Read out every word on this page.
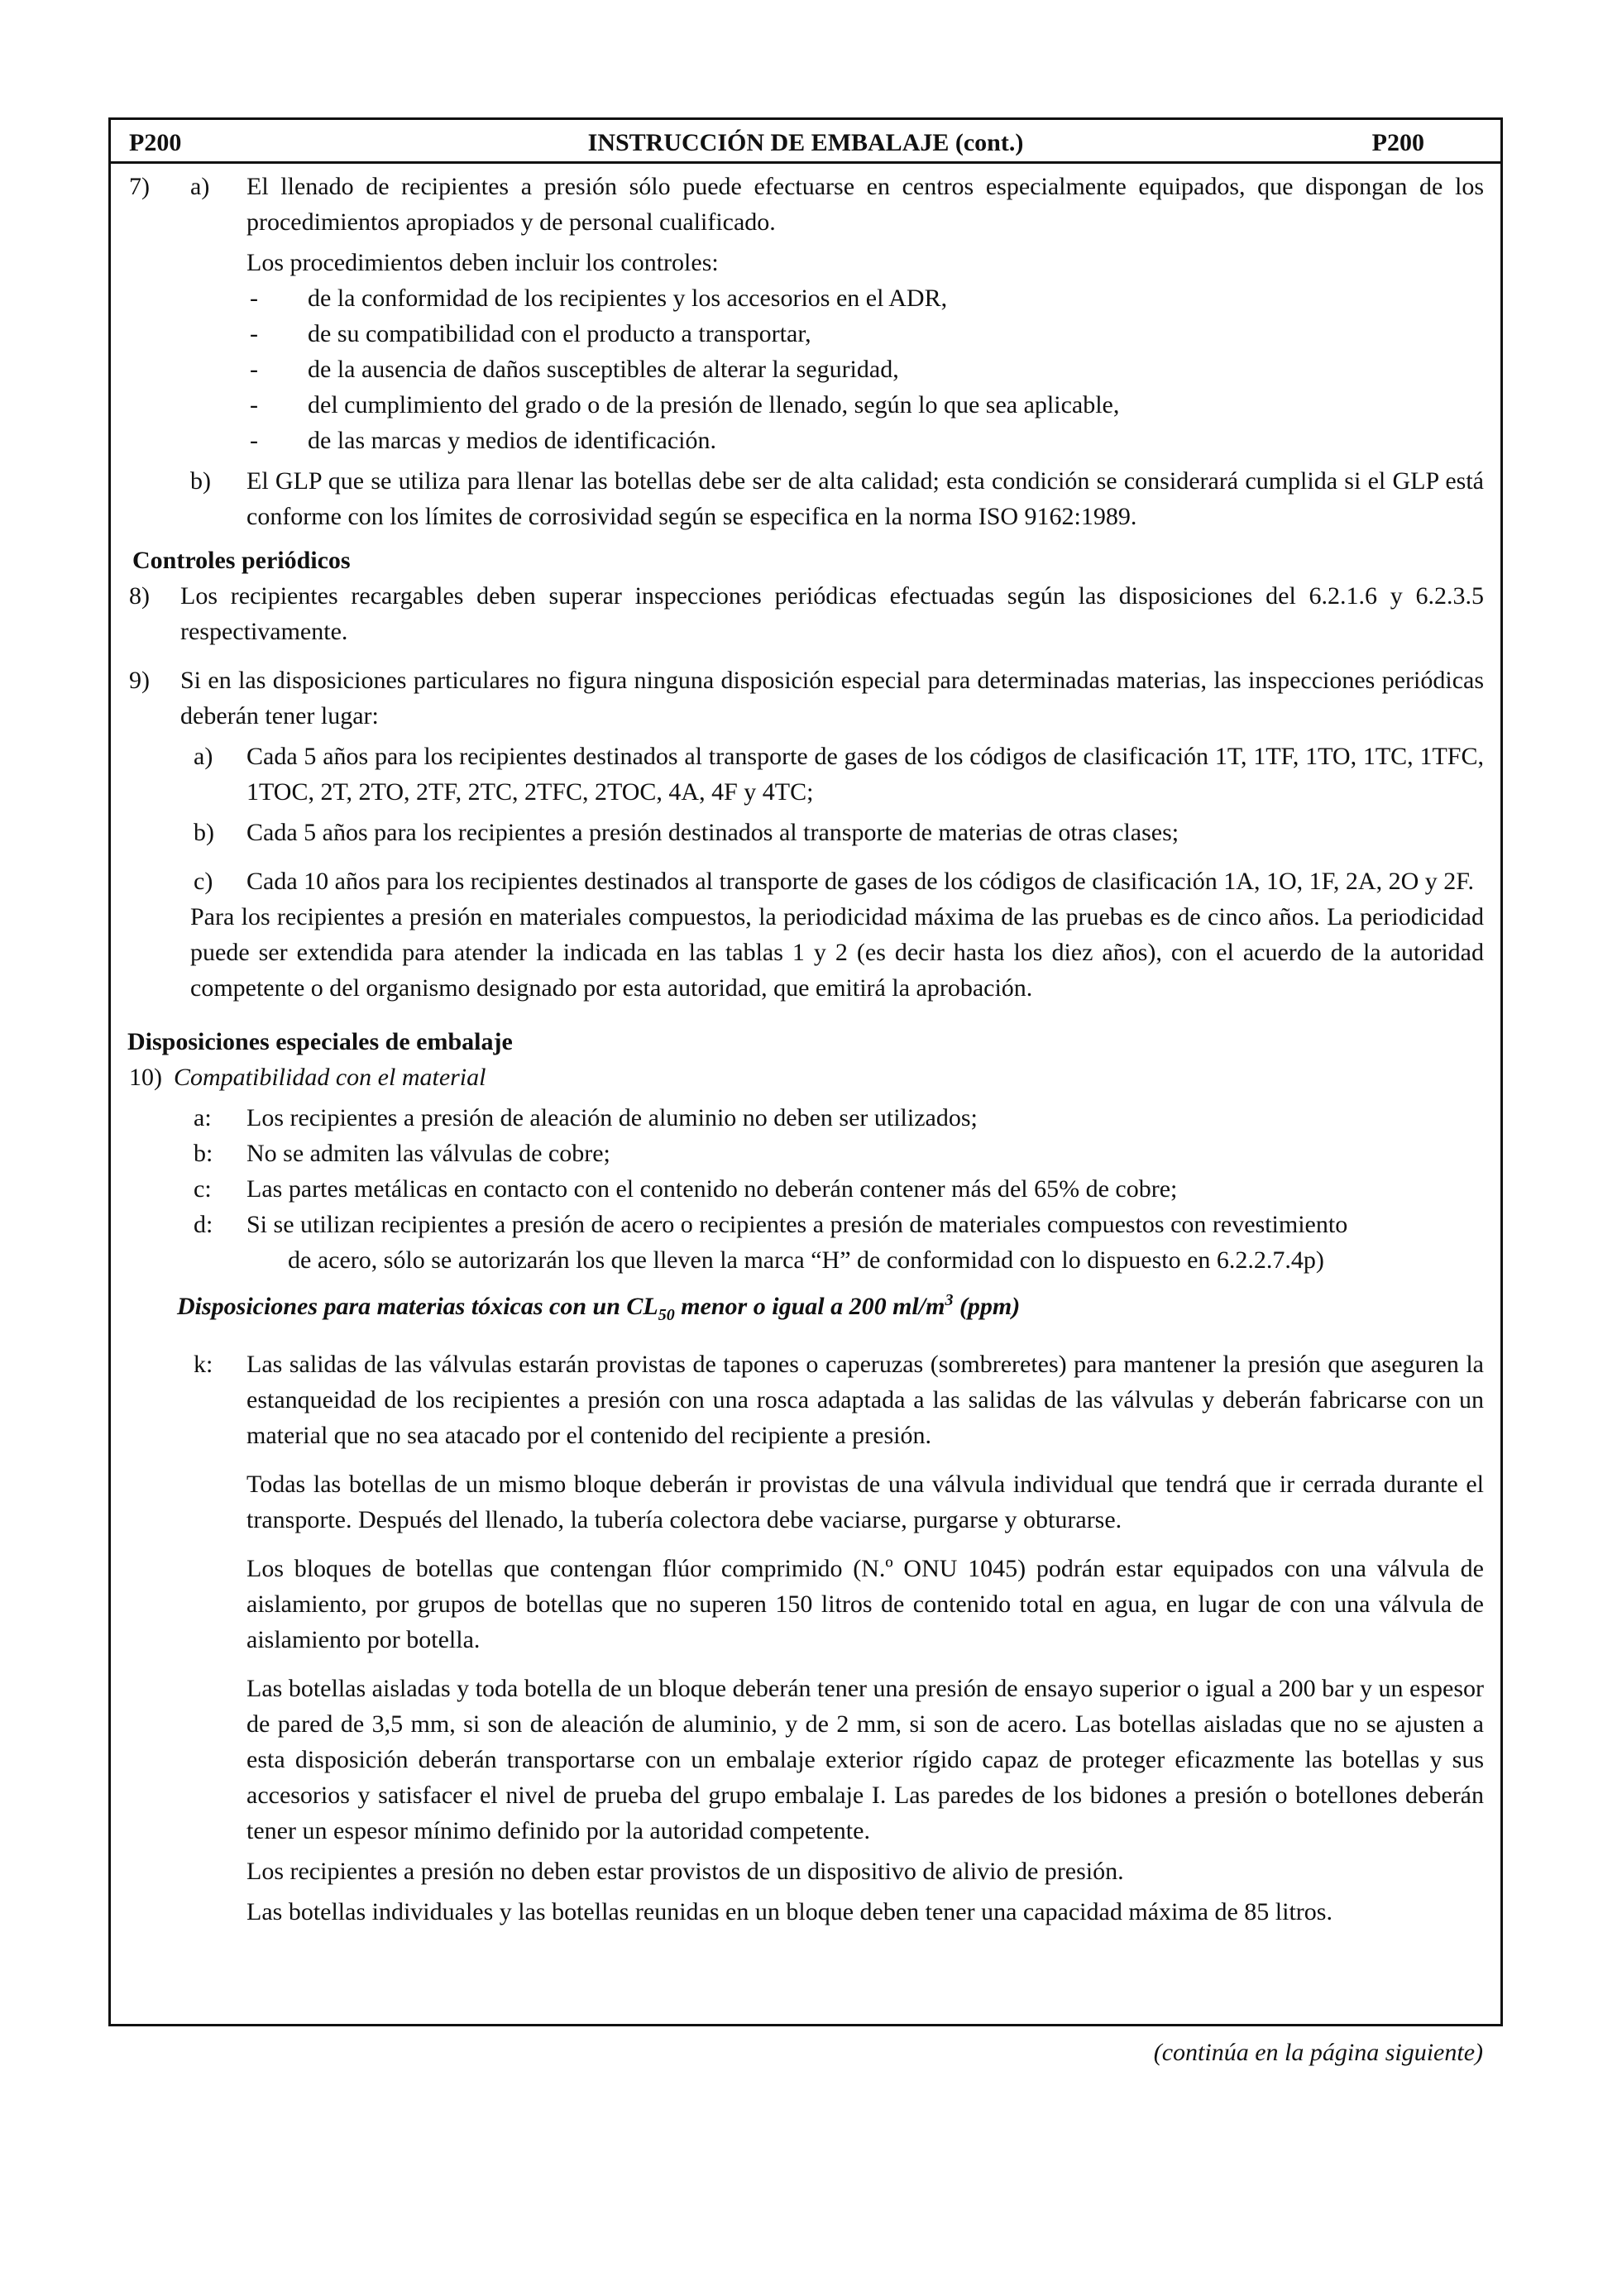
P200	INSTRUCCIÓN DE EMBALAJE (cont.)	P200
7) a) El llenado de recipientes a presión sólo puede efectuarse en centros especialmente equipados, que dispongan de los procedimientos apropiados y de personal cualificado.
Los procedimientos deben incluir los controles:
- de la conformidad de los recipientes y los accesorios en el ADR,
- de su compatibilidad con el producto a transportar,
- de la ausencia de daños susceptibles de alterar la seguridad,
- del cumplimiento del grado o de la presión de llenado, según lo que sea aplicable,
- de las marcas y medios de identificación.
b) El GLP que se utiliza para llenar las botellas debe ser de alta calidad; esta condición se considerará cumplida si el GLP está conforme con los límites de corrosividad según se especifica en la norma ISO 9162:1989.
Controles periódicos
8) Los recipientes recargables deben superar inspecciones periódicas efectuadas según las disposiciones del 6.2.1.6 y 6.2.3.5 respectivamente.
9) Si en las disposiciones particulares no figura ninguna disposición especial para determinadas materias, las inspecciones periódicas deberán tener lugar:
a) Cada 5 años para los recipientes destinados al transporte de gases de los códigos de clasificación 1T, 1TF, 1TO, 1TC, 1TFC, 1TOC, 2T, 2TO, 2TF, 2TC, 2TFC, 2TOC, 4A, 4F y 4TC;
b) Cada 5 años para los recipientes a presión destinados al transporte de materias de otras clases;
c) Cada 10 años para los recipientes destinados al transporte de gases de los códigos de clasificación 1A, 1O, 1F, 2A, 2O y 2F.
Para los recipientes a presión en materiales compuestos, la periodicidad máxima de las pruebas es de cinco años. La periodicidad puede ser extendida para atender la indicada en las tablas 1 y 2 (es decir hasta los diez años), con el acuerdo de la autoridad competente o del organismo designado por esta autoridad, que emitirá la aprobación.
Disposiciones especiales de embalaje
10) Compatibilidad con el material
a: Los recipientes a presión de aleación de aluminio no deben ser utilizados;
b: No se admiten las válvulas de cobre;
c: Las partes metálicas en contacto con el contenido no deberán contener más del 65% de cobre;
d: Si se utilizan recipientes a presión de acero o recipientes a presión de materiales compuestos con revestimiento
de acero, sólo se autorizarán los que lleven la marca “H” de conformidad con lo dispuesto en 6.2.2.7.4p)
Disposiciones para materias tóxicas con un $CL_{50}$ menor o igual a 200 $ml/m^3$ (ppm)
k: Las salidas de las válvulas estarán provistas de tapones o caperuzas (sombreretes) para mantener la presión que aseguren la estanqueidad de los recipientes a presión con una rosca adaptada a las salidas de las válvulas y deberán fabricarse con un material que no sea atacado por el contenido del recipiente a presión.
Todas las botellas de un mismo bloque deberán ir provistas de una válvula individual que tendrá que ir cerrada durante el transporte. Después del llenado, la tubería colectora debe vaciarse, purgarse y obturarse.
Los bloques de botellas que contengan flúor comprimido (N.º ONU 1045) podrán estar equipados con una válvula de aislamiento, por grupos de botellas que no superen 150 litros de contenido total en agua, en lugar de con una válvula de aislamiento por botella.
Las botellas aisladas y toda botella de un bloque deberán tener una presión de ensayo superior o igual a 200 bar y un espesor de pared de 3,5 mm, si son de aleación de aluminio, y de 2 mm, si son de acero. Las botellas aisladas que no se ajusten a esta disposición deberán transportarse con un embalaje exterior rígido capaz de proteger eficazmente las botellas y sus accesorios y satisfacer el nivel de prueba del grupo embalaje I. Las paredes de los bidones a presión o botellones deberán tener un espesor mínimo definido por la autoridad competente.
Los recipientes a presión no deben estar provistos de un dispositivo de alivio de presión.
Las botellas individuales y las botellas reunidas en un bloque deben tener una capacidad máxima de 85 litros.
(continúa en la página siguiente)
